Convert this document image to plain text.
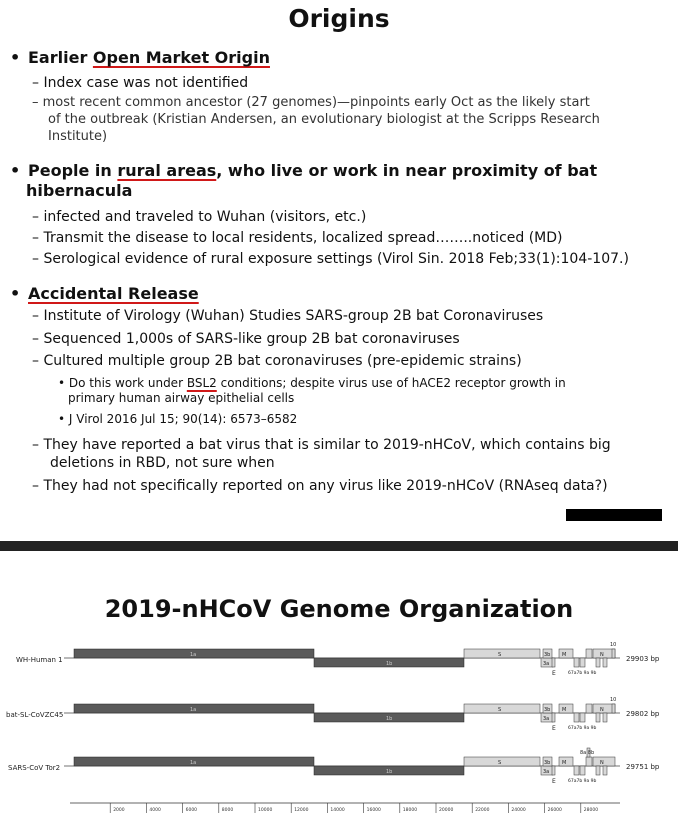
Origins
• Earlier Open Market Origin
– Index case was not identified
– most recent common ancestor (27 genomes)—pinpoints early Oct as the likely start
of the outbreak (Kristian Andersen, an evolutionary biologist at the Scripps Research
Institute)
• People in rural areas, who live or work in near proximity of bat
hibernacula
– infected and traveled to Wuhan (visitors, etc.)
– Transmit the disease to local residents, localized spread……..noticed (MD)
– Serological evidence of rural exposure settings (Virol Sin. 2018 Feb;33(1):104-107.)
• Accidental Release
– Institute of Virology (Wuhan) Studies SARS-group 2B bat Coronaviruses
– Sequenced 1,000s of SARS-like group 2B bat coronaviruses
– Cultured multiple group 2B bat coronaviruses (pre-epidemic strains)
• Do this work under BSL2 conditions; despite virus use of hACE2 receptor growth in
primary human airway epithelial cells
• J Virol 2016 Jul 15; 90(14): 6573–6582
– They have reported a bat virus that is similar to 2019-nHCoV, which contains big
deletions in RBD, not sure when
– They had not specifically reported on any virus like 2019-nHCoV (RNAseq data?)
2019-nHCoV Genome Organization
WH-Human 1
1a
1b
S
3a
3b
E
M	N
10
67a7b 9a 9b
29903 bp
bat-SL-CoVZC45
1a
1b
S
3a
3b
E
M	N
10
67a7b 9a 9b
29802 bp
SARS-CoV Tor2
1a
1b
S
3a
3b
E
M	N
8a 8b
67a7b 9a 9b
29751 bp
2000	4000	6000	8000	10000	12000	14000	16000	18000	20000	22000	24000	26000	28000
